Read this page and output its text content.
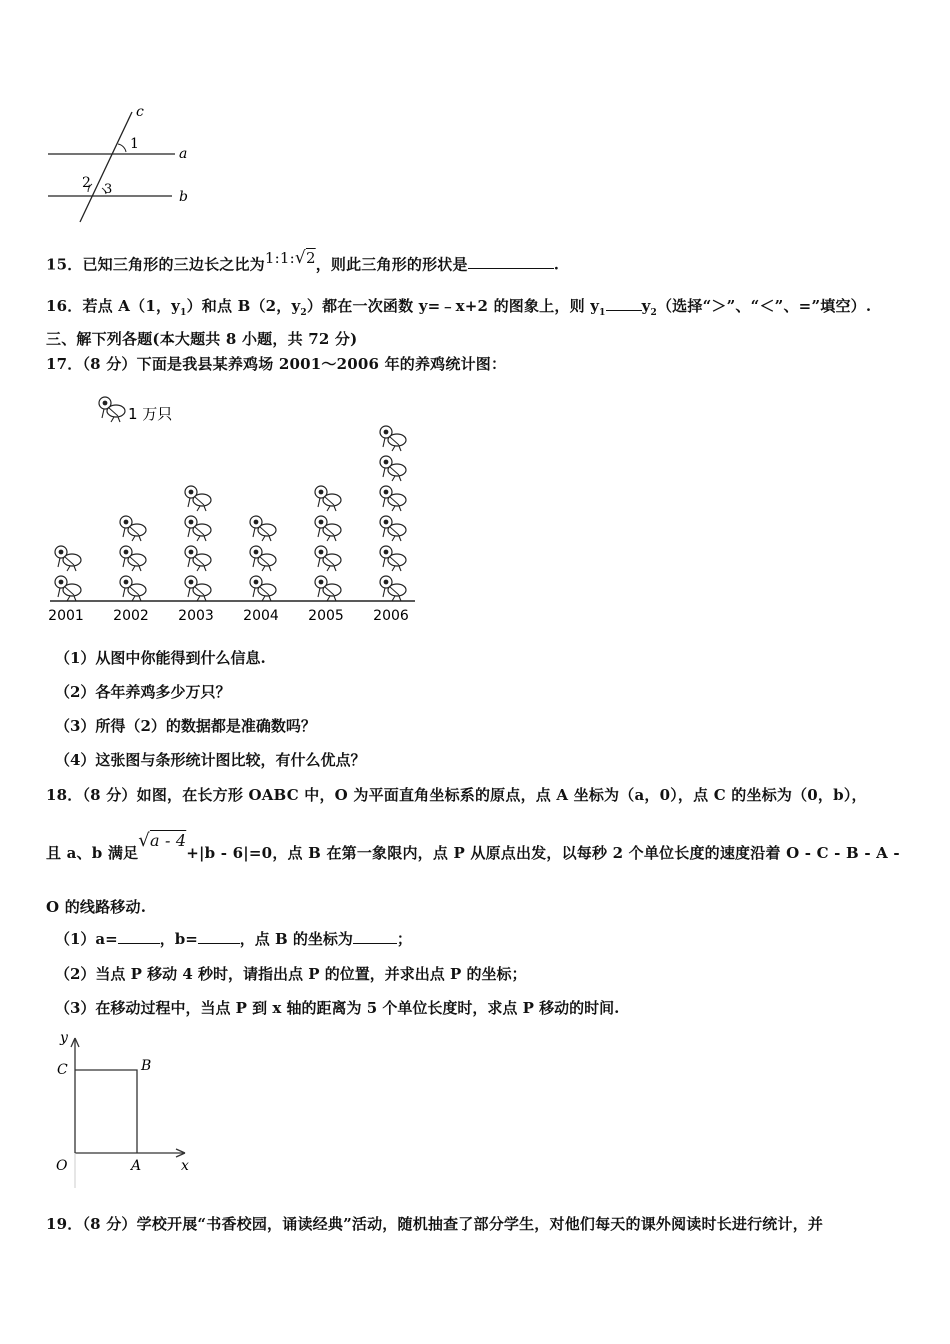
c
1
a
2 3	b
15．已知三角形的三边长之比为$^{1:1:√2}$，则此三角形的形状是	.
16．若点 A（1，$y_1$）和点 B（2，$y_2$）都在一次函数 y=﹣x+2 的图象上，则 $y_1$ $y_2$（选择“＞”、“＜”、=”填空）.
三、解下列各题(本大题共 8 小题，共 72 分)
17．（8 分）下面是我县某养鸡场 2001～2006 年的养鸡统计图：
1 万只
2001 2002 2003 2004 2005 2006
（1）从图中你能得到什么信息.
（2）各年养鸡多少万只？
（3）所得（2）的数据都是准确数吗？
（4）这张图与条形统计图比较，有什么优点？
18．（8 分）如图，在长方形 OABC 中，O 为平面直角坐标系的原点，点 A 坐标为（a，0），点 C 的坐标为（0，b），
且 a、b 满足√a - 4+|b - 6|=0，点 B 在第一象限内，点 P 从原点出发，以每秒 2 个单位长度的速度沿着 O - C - B - A -
O 的线路移动.
（1）a=	，b=	，点 B 的坐标为	；
（2）当点 P 移动 4 秒时，请指出点 P 的位置，并求出点 P 的坐标；
（3）在移动过程中，当点 P 到 x 轴的距离为 5 个单位长度时，求点 P 移动的时间.
y
C	B
O	A	x
19．（8 分）学校开展“书香校园，诵读经典”活动，随机抽查了部分学生，对他们每天的课外阅读时长进行统计，并
